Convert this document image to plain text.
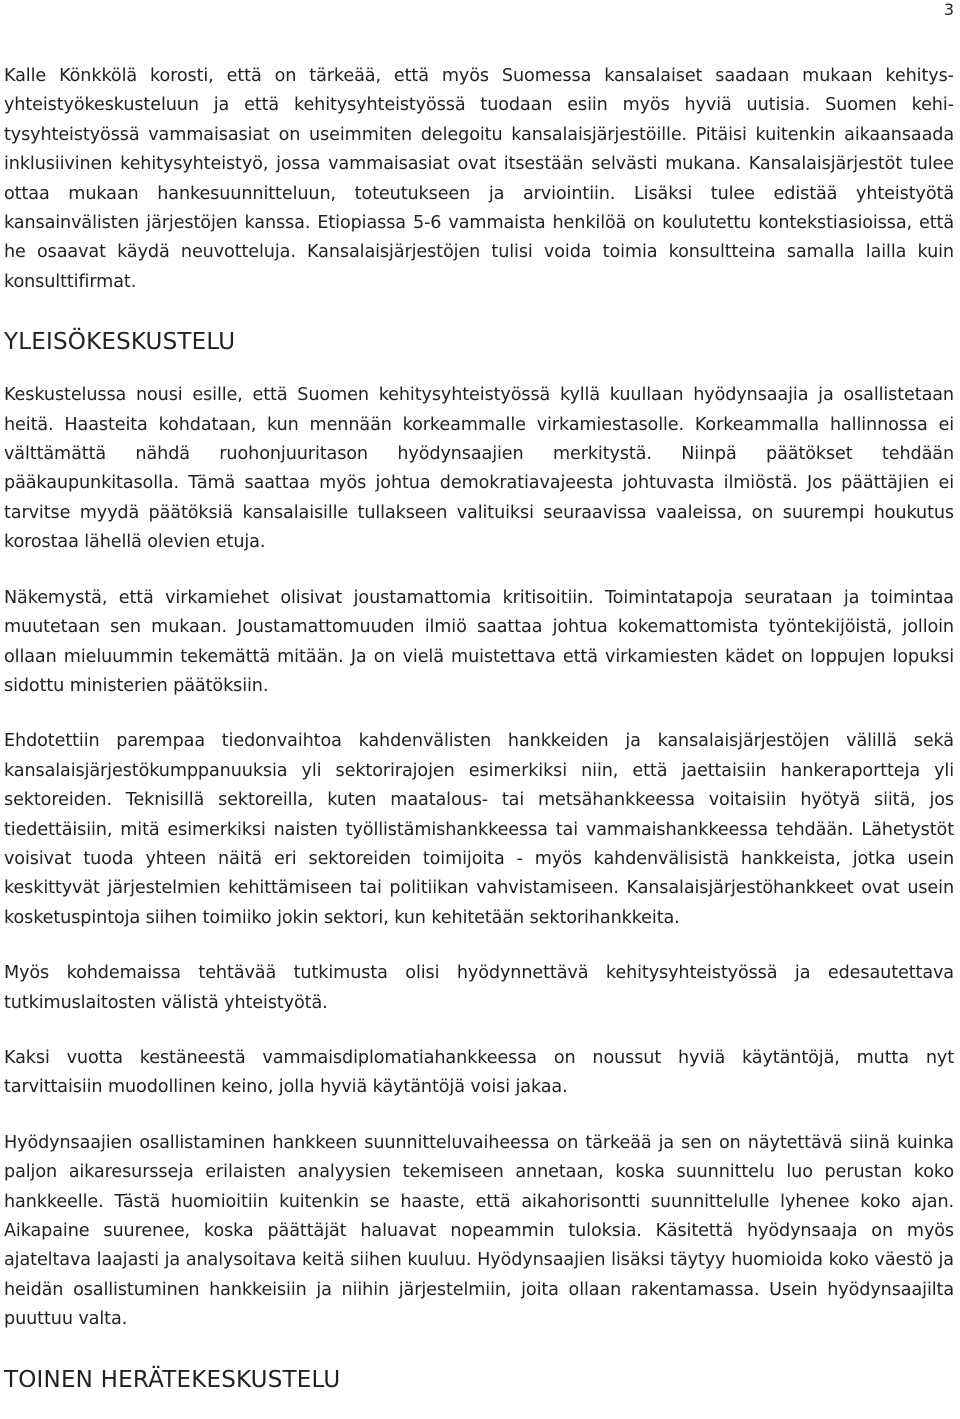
3

Kalle Könkkölä korosti, että on tärkeää, että myös Suomessa kansalaiset saadaan mukaan kehitysyhteistyökeskusteluun ja että kehitysyhteistyössä tuodaan esiin myös hyviä uutisia. Suomen kehitysyhteistyössä vammaisasiat on useimmiten delegoitu kansalaisjärjestöille. Pitäisi kuitenkin aikaansaada inklusiivinen kehitysyhteistyö, jossa vammaisasiat ovat itsestään selvästi mukana. Kansalaisjärjestöt tulee ottaa mukaan hankesuunnitteluun, toteutukseen ja arviointiin. Lisäksi tulee edistää yhteistyötä kansainvälisten järjestöjen kanssa. Etiopiassa 5-6 vammaista henkilöä on koulutettu kontekstiasioissa, että he osaavat käydä neuvotteluja. Kansalaisjärjestöjen tulisi voida toimia konsultteina samalla lailla kuin konsulttifirmat.

YLEISÖKESKUSTELU

Keskustelussa nousi esille, että Suomen kehitysyhteistyössä kyllä kuullaan hyödynsaajia ja osallistetaan heitä. Haasteita kohdataan, kun mennään korkeammalle virkamiestasolle. Korkeammalla hallinnossa ei välttämättä nähdä ruohonjuuritason hyödynsaajien merkitystä. Niinpä päätökset tehdään pääkaupunkitasolla. Tämä saattaa myös johtua demokratiavajeesta johtuvasta ilmiöstä. Jos päättäjien ei tarvitse myydä päätöksiä kansalaisille tullakseen valituiksi seuraavissa vaaleissa, on suurempi houkutus korostaa lähellä olevien etuja.

Näkemystä, että virkamiehet olisivat joustamattomia kritisoitiin. Toimintatapoja seurataan ja toimintaa muutetaan sen mukaan. Joustamattomuuden ilmiö saattaa johtua kokemattomista työntekijöistä, jolloin ollaan mieluummin tekemättä mitään. Ja on vielä muistettava että virkamiesten kädet on loppujen lopuksi sidottu ministerien päätöksiin.

Ehdotettiin parempaa tiedonvaihtoa kahdenvälisten hankkeiden ja kansalaisjärjestöjen välillä sekä kansalaisjärjestökumppanuuksia yli sektorirajojen esimerkiksi niin, että jaettaisiin hankeraportteja yli sektoreiden. Teknisillä sektoreilla, kuten maatalous- tai metsähankkeessa voitaisiin hyötyä siitä, jos tiedettäisiin, mitä esimerkiksi naisten työllistämishankkeessa tai vammaishankkeessa tehdään. Lähetystöt voisivat tuoda yhteen näitä eri sektoreiden toimijoita - myös kahdenvälisistä hankkeista, jotka usein keskittyvät järjestelmien kehittämiseen tai politiikan vahvistamiseen. Kansalaisjärjestöhankkeet ovat usein kosketuspintoja siihen toimiiko jokin sektori, kun kehitetään sektorihankkeita.

Myös kohdemaissa tehtävää tutkimusta olisi hyödynnettävä kehitysyhteistyössä ja edesautettava tutkimuslaitosten välistä yhteistyötä.

Kaksi vuotta kestäneestä vammaisdiplomatiahankkeessa on noussut hyviä käytäntöjä, mutta nyt tarvittaisiin muodollinen keino, jolla hyviä käytäntöjä voisi jakaa.

Hyödynsaajien osallistaminen hankkeen suunnitteluvaiheessa on tärkeää ja sen on näytettävä siinä kuinka paljon aikaresursseja erilaisten analyysien tekemiseen annetaan, koska suunnittelu luo perustan koko hankkeelle. Tästä huomioitiin kuitenkin se haaste, että aikahorisontti suunnittelulle lyhenee koko ajan. Aikapaine suurenee, koska päättäjät haluavat nopeammin tuloksia. Käsitettä hyödynsaaja on myös ajateltava laajasti ja analysoitava keitä siihen kuuluu. Hyödynsaajien lisäksi täytyy huomioida koko väestö ja heidän osallistuminen hankkeisiin ja niihin järjestelmiin, joita ollaan rakentamassa. Usein hyödynsaajilta puuttuu valta.

TOINEN HERÄTEKESKUSTELU
